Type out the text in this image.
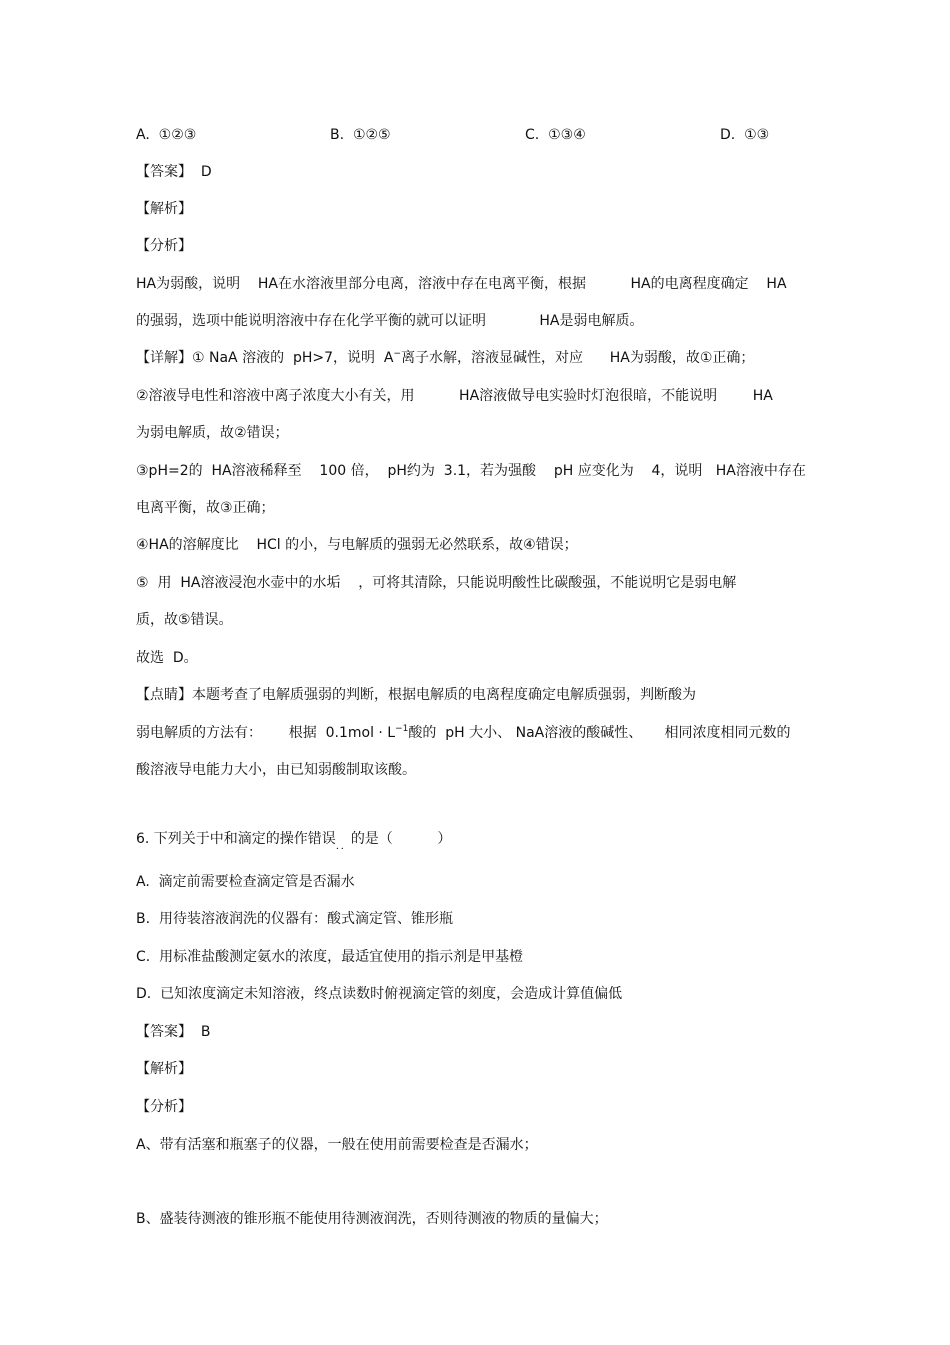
A.  ①②③	B.  ①②⑤	C.  ①③④	D.  ①③
【答案】  D
【解析】
【分析】
HA为弱酸，说明    HA在水溶液里部分电离，溶液中存在电离平衡，根据          HA的电离程度确定    HA
的强弱，选项中能说明溶液中存在化学平衡的就可以证明            HA是弱电解质。
【详解】① NaA 溶液的  pH>7，说明  A−离子水解，溶液显碱性，对应      HA为弱酸，故①正确；
②溶液导电性和溶液中离子浓度大小有关，用          HA溶液做导电实验时灯泡很暗，不能说明        HA
为弱电解质，故②错误；
③pH=2的  HA溶液稀释至    100 倍，  pH约为  3.1，若为强酸    pH 应变化为    4，说明   HA溶液中存在
电离平衡，故③正确；
④HA的溶解度比    HCl 的小，与电解质的强弱无必然联系，故④错误；
⑤  用  HA溶液浸泡水壶中的水垢    ，可将其清除，只能说明酸性比碳酸强，不能说明它是弱电解
质，故⑤错误。
故选  D。
【点睛】本题考查了电解质强弱的判断，根据电解质的电离程度确定电解质强弱，判断酸为
弱电解质的方法有：      根据  $0.1mol \cdot L^{-1}$酸的  pH 大小、 NaA溶液的酸碱性、     相同浓度相同元数的
酸溶液导电能力大小，由已知弱酸制取该酸。
6. 下列关于中和滴定的操作错误$_{..}$的是（          ）
A.  滴定前需要检查滴定管是否漏水
B.  用待装溶液润洗的仪器有：酸式滴定管、锥形瓶
C.  用标准盐酸测定氨水的浓度，最适宜使用的指示剂是甲基橙
D.  已知浓度滴定未知溶液，终点读数时俯视滴定管的刻度，会造成计算值偏低
【答案】  B
【解析】
【分析】
A、带有活塞和瓶塞子的仪器，一般在使用前需要检查是否漏水；
B、盛装待测液的锥形瓶不能使用待测液润洗，否则待测液的物质的量偏大；
